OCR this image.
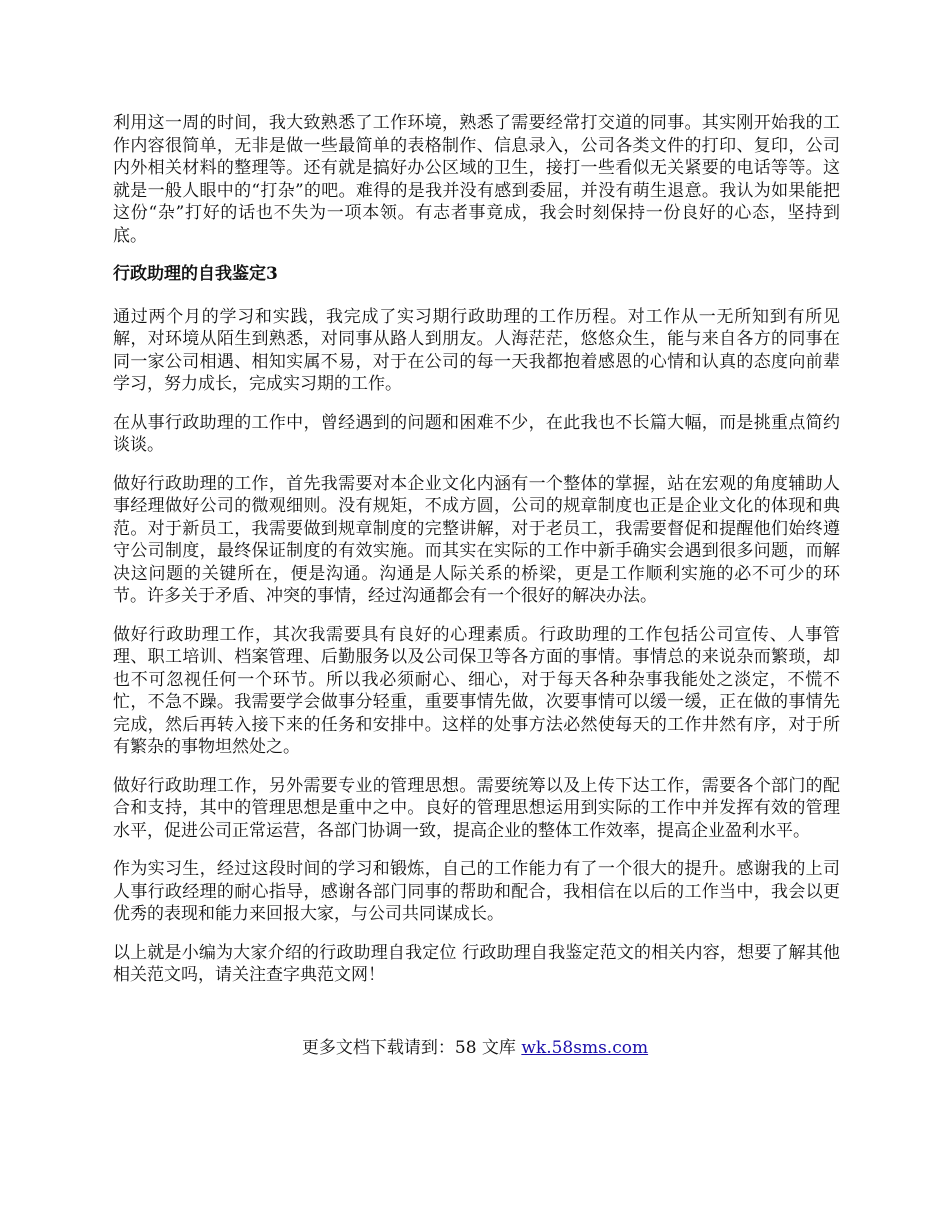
利用这一周的时间，我大致熟悉了工作环境，熟悉了需要经常打交道的同事。其实刚开始我的工作内容很简单，无非是做一些最简单的表格制作、信息录入，公司各类文件的打印、复印，公司内外相关材料的整理等。还有就是搞好办公区域的卫生，接打一些看似无关紧要的电话等等。这就是一般人眼中的“打杂”的吧。难得的是我并没有感到委屈，并没有萌生退意。我认为如果能把这份“杂”打好的话也不失为一项本领。有志者事竟成，我会时刻保持一份良好的心态，坚持到底。

行政助理的自我鉴定3

通过两个月的学习和实践，我完成了实习期行政助理的工作历程。对工作从一无所知到有所见解，对环境从陌生到熟悉，对同事从路人到朋友。人海茫茫，悠悠众生，能与来自各方的同事在同一家公司相遇、相知实属不易，对于在公司的每一天我都抱着感恩的心情和认真的态度向前辈学习，努力成长，完成实习期的工作。

在从事行政助理的工作中，曾经遇到的问题和困难不少，在此我也不长篇大幅，而是挑重点简约谈谈。

做好行政助理的工作，首先我需要对本企业文化内涵有一个整体的掌握，站在宏观的角度辅助人事经理做好公司的微观细则。没有规矩，不成方圆，公司的规章制度也正是企业文化的体现和典范。对于新员工，我需要做到规章制度的完整讲解，对于老员工，我需要督促和提醒他们始终遵守公司制度，最终保证制度的有效实施。而其实在实际的工作中新手确实会遇到很多问题，而解决这问题的关键所在，便是沟通。沟通是人际关系的桥梁，更是工作顺利实施的必不可少的环节。许多关于矛盾、冲突的事情，经过沟通都会有一个很好的解决办法。

做好行政助理工作，其次我需要具有良好的心理素质。行政助理的工作包括公司宣传、人事管理、职工培训、档案管理、后勤服务以及公司保卫等各方面的事情。事情总的来说杂而繁琐，却也不可忽视任何一个环节。所以我必须耐心、细心，对于每天各种杂事我能处之淡定，不慌不忙，不急不躁。我需要学会做事分轻重，重要事情先做，次要事情可以缓一缓，正在做的事情先完成，然后再转入接下来的任务和安排中。这样的处事方法必然使每天的工作井然有序，对于所有繁杂的事物坦然处之。

做好行政助理工作，另外需要专业的管理思想。需要统筹以及上传下达工作，需要各个部门的配合和支持，其中的管理思想是重中之中。良好的管理思想运用到实际的工作中并发挥有效的管理水平，促进公司正常运营，各部门协调一致，提高企业的整体工作效率，提高企业盈利水平。

作为实习生，经过这段时间的学习和锻炼，自己的工作能力有了一个很大的提升。感谢我的上司人事行政经理的耐心指导，感谢各部门同事的帮助和配合，我相信在以后的工作当中，我会以更优秀的表现和能力来回报大家，与公司共同谋成长。

以上就是小编为大家介绍的行政助理自我定位 行政助理自我鉴定范文的相关内容，想要了解其他相关范文吗，请关注查字典范文网！

更多文档下载请到：58 文库 wk.58sms.com
